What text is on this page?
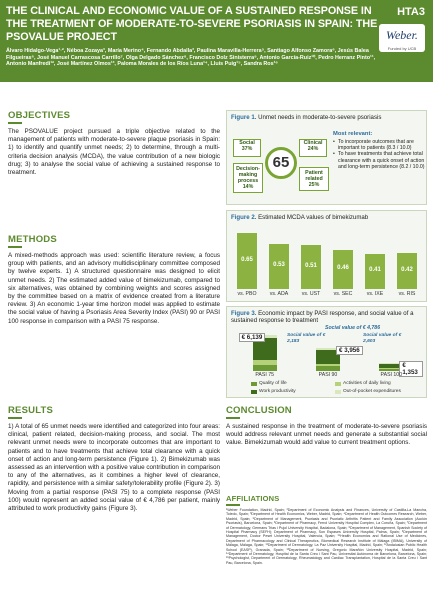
THE CLINICAL AND ECONOMIC VALUE OF A SUSTAINED RESPONSE IN THE TREATMENT OF MODERATE-TO-SEVERE PSORIASIS IN SPAIN: THE PSOVALUE PROJECT
HTA3
Weber.
Funded by UCB
Álvaro Hidalgo-Vega¹·², Néboa Zozaya³, María Merino⁴, Fernando Abdalla³, Paulina Maravilla-Herrera⁵, Santiago Alfonso Zamora⁶, Jesús Balea Filgueiras⁶, José Manuel Carrascosa Carrillo⁷, Olga Delgado Sánchez⁸, Francisco Dolz Sinisterra⁹, Antonio García-Ruiz¹⁰, Pedro Herranz Pinto¹¹, Antonio Manfredi¹², José Martínez Olmos¹³, Paloma Morales de los Ríos Luna¹⁴, Lluís Puig¹⁵, Sandra Ros¹⁶
OBJECTIVES
The PSOVALUE project pursued a triple objective related to the management of patients with moderate-to-severe plaque psoriasis in Spain: 1) to identify and quantify unmet needs; 2) to determine, through a multi-criteria decision analysis (MCDA), the value contribution of a new biologic drug; 3) to analyse the social value of achieving a sustained response to treatment.
METHODS
A mixed-methods approach was used: scientific literature review, a focus group with patients, and an advisory multidisciplinary committee composed by twelve experts. 1) A structured questionnaire was designed to elicit unmet needs. 2) The estimated added value of bimekizumab, compared to six alternatives, was obtained by combining weights and scores assigned by the committee based on a matrix of evidence created from a literature review. 3) An economic 1-year time horizon model was applied to estimate the social value of having a Psoriasis Area Severity Index (PASI) 90 or PASI 100 response in comparison with a PASI 75 response.
RESULTS
1) A total of 65 unmet needs were identified and categorized into four areas: clinical, patient related, decision-making process, and social. The most relevant unmet needs were to incorporate outcomes that are important to patients and to have treatments that achieve total clearance with a quick onset of action and long-term persistence (Figure 1). 2) Bimekizumab was assessed as an intervention with a positive value contribution in comparison to any of the alternatives, as it combines a higher level of clearance, rapidity, and persistence with a similar safety/tolerability profile (Figure 2). 3) Moving from a partial response (PASI 75) to a complete response (PASI 100) would represent an added social value of € 4,786 per patient, mainly attributed to work productivity gains (Figure 3).
Figure 1. Unmet needs in moderate-to-severe psoriasis
Social
37%
Clinical
24%
Decision-making process
14%
Patient related
25%
65
Most relevant:
• To incorporate outcomes that are important to patients (8.3 / 10.0)
• To have treatments that achieve total clearance with a quick onset of action and long-term persistence (8.2 / 10.0)
Figure 2. Estimated MCDA values of bimekizumab
0.65
vs. PBO
0.53
vs. ADA
0.51
vs. UST
0.46
vs. SEC
0.41
vs. IXE
0.42
vs. RIS
Figure 3. Economic impact by PASI response, and social value of a sustained response to treatment
Social value of € 4,786
Social value of € 2,183
Social value of € 2,603
€ 6,139
PASI 75
€ 3,956
PASI 90
€ 1,353
PASI 100
Quality of life	Activities of daily living
Work productivity	Out-of-pocket expenditures
CONCLUSION
A sustained response in the treatment of moderate-to-severe psoriasis would address relevant unmet needs and generate a substantial social value. Bimekizumab would add value to current treatment options.
AFFILIATIONS
¹Weber Foundation, Madrid, Spain; ²Department of Economic Analysis and Finances, University of Castilla-La Mancha, Toledo, Spain; ³Department of Health Economics, Weber, Madrid, Spain; ⁴Department of Health Outcomes Research, Weber, Madrid, Spain; ⁵Department of Management, Psoriasis and Psoriatic Arthritis Patient and Family Association (Acción Psoriasis), Barcelona, Spain; ⁶Department of Pharmacy, Ferrol University Hospital Complex, La Coruña, Spain; ⁷Department of Dermatology, Germans Trias i Pujol University Hospital, Badalona, Spain; ⁸Department of Management, Spanish Society of Hospital Pharmacy (SEFH); Department of Pharmacy, Son Espases University Hospital, Palma, Spain; ⁹Department of Management, Doctor Peset University Hospital, Valencia, Spain; ¹⁰Health Economics and Rational Use of Medicines, Department of Pharmacology and Clinical Therapeutics, Biomedical Research Institute of Málaga (IBIMA), University of Málaga, Málaga, Spain; ¹¹Department of Dermatology, La Paz University Hospital, Madrid, Spain; ¹²Andalusian Public Health School (EASP), Granada, Spain; ¹³Department of Nursing, Gregorio Marañón University Hospital, Madrid, Spain; ¹⁴Department of Dermatology, Hospital de la Santa Creu i Sant Pau, Universitat Autònoma de Barcelona, Barcelona, Spain; ¹⁵Psychologist, Department of Dermatology, Rheumatology and Cardiac Transplantation, Hospital de la Santa Creu i Sant Pau, Barcelona, Spain.
